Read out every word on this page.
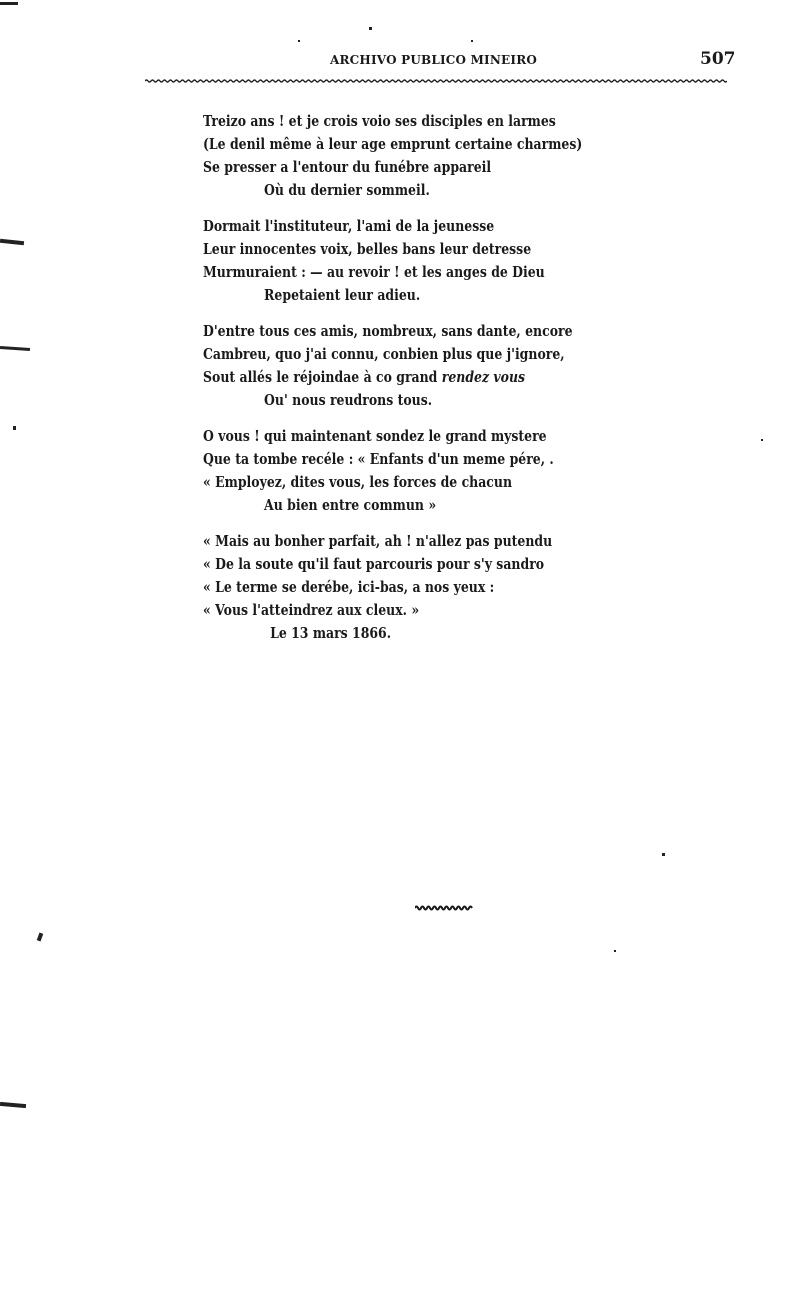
ARCHIVO PUBLICO MINEIRO	507
Treizo ans ! et je crois voio ses disciples en larmes
(Le denil même à leur age emprunt certaine charmes)
Se presser a l'entour du funébre appareil
Où du dernier sommeil.
Dormait l'instituteur, l'ami de la jeunesse
Leur innocentes voix, belles bans leur detresse
Murmuraient : — au revoir ! et les anges de Dieu
Repetaient leur adieu.
D'entre tous ces amis, nombreux, sans dante, encore
Cambreu, quo j'ai connu, conbien plus que j'ignore,
Sout allés le réjoindae à co grand rendez vous
Ou' nous reudrons tous.
O vous ! qui maintenant sondez le grand mystere
Que ta tombe recéle : « Enfants d'un meme pére, .
« Employez, dites vous, les forces de chacun
Au bien entre commun »
« Mais au bonher parfait, ah ! n'allez pas putendu
« De la soute qu'il faut parcouris pour s'y sandro
« Le terme se derébe, ici-bas, a nos yeux :
« Vous l'atteindrez aux cleux. »
Le 13 mars 1866.
